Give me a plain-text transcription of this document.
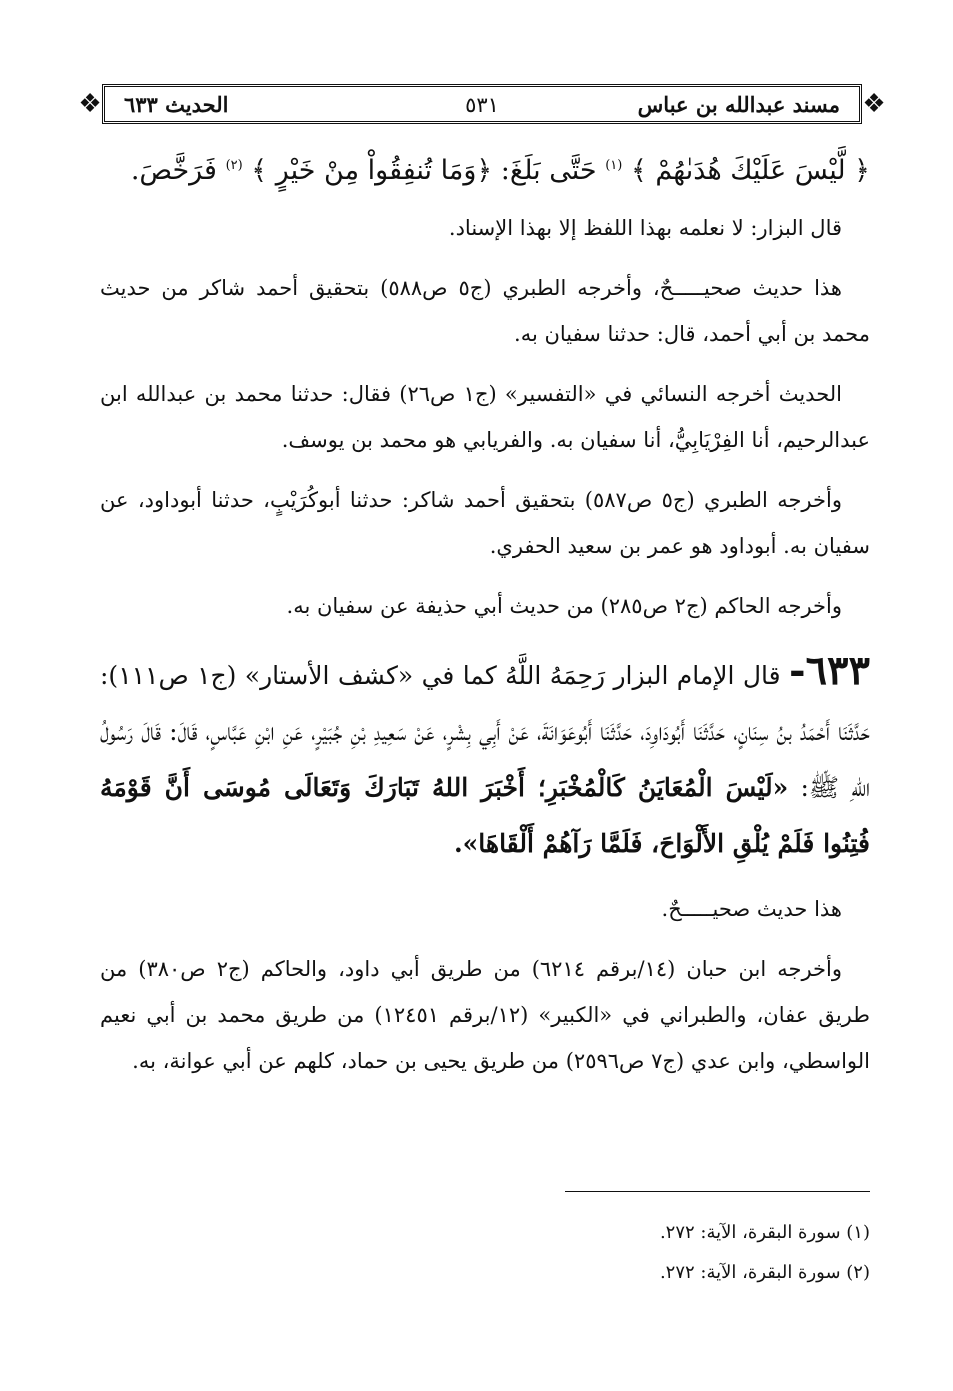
❖	❖
مسند عبدالله بن عباس
٥٣١
الحديث ٦٣٣

﴿ لَّيْسَ عَلَيْكَ هُدَىٰهُمْ ﴾ $^{(١)}$ حَتَّى بَلَغَ: ﴿وَمَا تُنفِقُواْ مِنْ خَيْرٍ ﴾ $^{(٢)}$ فَرَخَّصَ.

قال البزار: لا نعلمه بهذا اللفظ إلا بهذا الإسناد.

هذا حديث صحيـــــحٌ، وأخرجه الطبري (ج٥ ص٥٨٨) بتحقيق أحمد شاكر من حديث محمد بن أبي أحمد، قال: حدثنا سفيان به.

الحديث أخرجه النسائي في «التفسير» (ج١ ص٢٦) فقال: حدثنا محمد بن عبدالله ابن عبدالرحيم، أنا الفِرْيَابِيُّ، أنا سفيان به. والفريابي هو محمد بن يوسف.

وأخرجه الطبري (ج٥ ص٥٨٧) بتحقيق أحمد شاكر: حدثنا أبوكُرَيْبٍ، حدثنا أبوداود، عن سفيان به. أبوداود هو عمر بن سعيد الحفري.

وأخرجه الحاكم (ج٢ ص٢٨٥) من حديث أبي حذيفة عن سفيان به.

٦٣٣- قال الإمام البزار رَحِمَهُ اللَّهُ كما في «كشف الأستار» (ج١ ص١١١): حَدَّثَنَا أَحْمَدُ بنُ سِنَانٍ، حَدَّثَنَا أَبُودَاوِدَ، حَدَّثَنَا أَبُوعَوَانَةَ، عَنْ أَبِي بِشْرٍ، عَنْ سَعِيدِ بْنِ جُبَيْرٍ، عَنِ ابْنِ عَبَّاسٍ، قَالَ: قَالَ رَسُولُ اللهِ ﷺ: «لَيْسَ الْمُعَايَنُ كَالْمُخْبَرِ؛ أَخْبَرَ اللهُ تَبَارَكَ وَتَعَالَى مُوسَى أَنَّ قَوْمَهُ فُتِنُوا فَلَمْ يُلْقِ الأَلْوَاحَ، فَلَمَّا رَآهُمْ أَلْقَاهَا».

هذا حديث صحيـــــحٌ.

وأخرجه ابن حبان (١٤/برقم ٦٢١٤) من طريق أبي داود، والحاكم (ج٢ ص٣٨٠) من طريق عفان، والطبراني في «الكبير» (١٢/برقم ١٢٤٥١) من طريق محمد بن أبي نعيم الواسطي، وابن عدي (ج٧ ص٢٥٩٦) من طريق يحيى بن حماد، كلهم عن أبي عوانة، به.

(١) سورة البقرة، الآية: ٢٧٢.
(٢) سورة البقرة، الآية: ٢٧٢.
